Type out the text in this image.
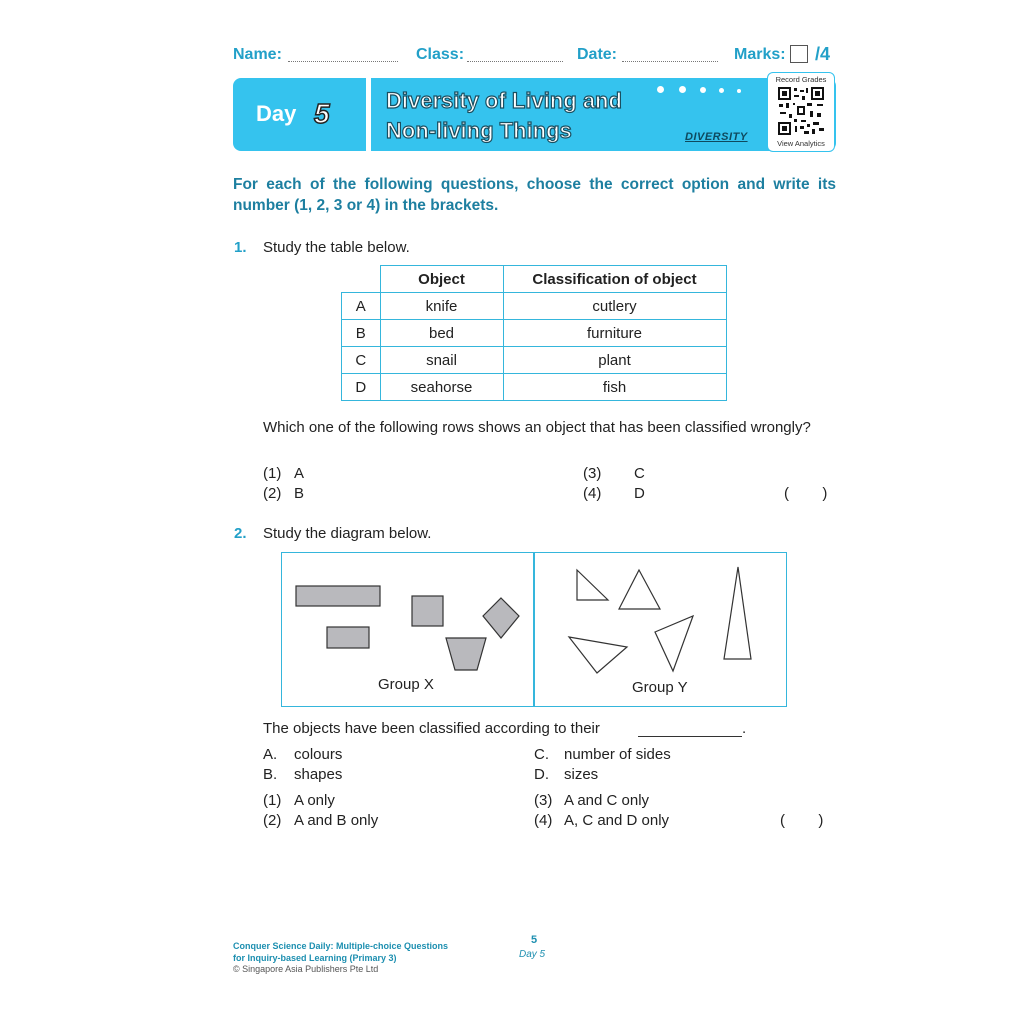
Name:	Class:	Date:	Marks: /4
Day 5	Diversity of Living and
Non-living Things	DIVERSITY
Record Grades
View Analytics
For each of the following questions, choose the correct option and write its number (1, 2, 3 or 4) in the brackets.
1. Study the table below.
	Object	Classification of object
A	knife	cutlery
B	bed	furniture
C	snail	plant
D	seahorse	fish
Which one of the following rows shows an object that has been classified wrongly?
(1) A
(2) B
(3) C
(4) D	(        )
2. Study the diagram below.
Group X	Group Y
The objects have been classified according to their	.
A. colours
B. shapes
C. number of sides
D. sizes
(1) A only
(2) A and B only
(3) A and C only
(4) A, C and D only	(        )
Conquer Science Daily: Multiple-choice Questions
for Inquiry-based Learning (Primary 3)
© Singapore Asia Publishers Pte Ltd
5
Day 5
